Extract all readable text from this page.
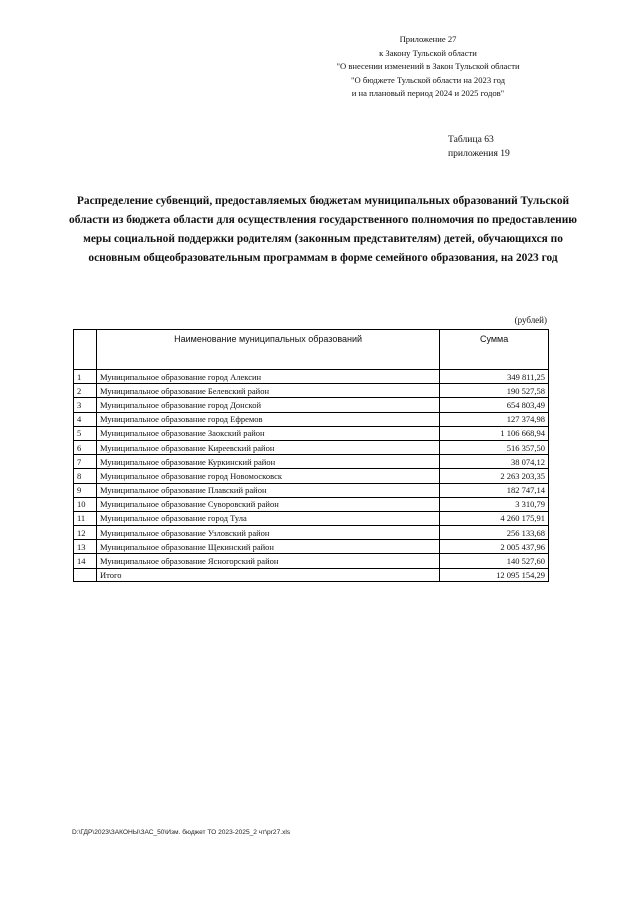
Приложение 27
к Закону Тульской области
"О внесении изменений в Закон Тульской области
"О бюджете Тульской области на 2023 год
и на плановый период 2024 и 2025 годов"
Таблица 63
приложения 19
Распределение субвенций, предоставляемых бюджетам муниципальных образований Тульской области из бюджета области для осуществления государственного полномочия по предоставлению меры социальной поддержки родителям (законным представителям) детей, обучающихся по основным общеобразовательным программам в форме семейного образования, на 2023 год
(рублей)
	Наименование муниципальных образований	Сумма
1	Муниципальное образование город Алексин	349 811,25
2	Муниципальное образование Белевский район	190 527,58
3	Муниципальное образование город Донской	654 803,49
4	Муниципальное образование город Ефремов	127 374,98
5	Муниципальное образование Заокский район	1 106 668,94
6	Муниципальное образование Киреевский район	516 357,50
7	Муниципальное образование Куркинский район	38 074,12
8	Муниципальное образование город Новомосковск	2 263 203,35
9	Муниципальное образование Плавский район	182 747,14
10	Муниципальное образование Суворовский район	3 310,79
11	Муниципальное образование город Тула	4 260 175,91
12	Муниципальное образование Узловский район	256 133,68
13	Муниципальное образование Щекинский район	2 005 437,96
14	Муниципальное образование Ясногорский район	140 527,60
	Итого	12 095 154,29
D:\ГДР\2023\ЗАКОНЫ\ЗАС_50\Изм. бюджет ТО 2023-2025_2 чт\pr27.xls
